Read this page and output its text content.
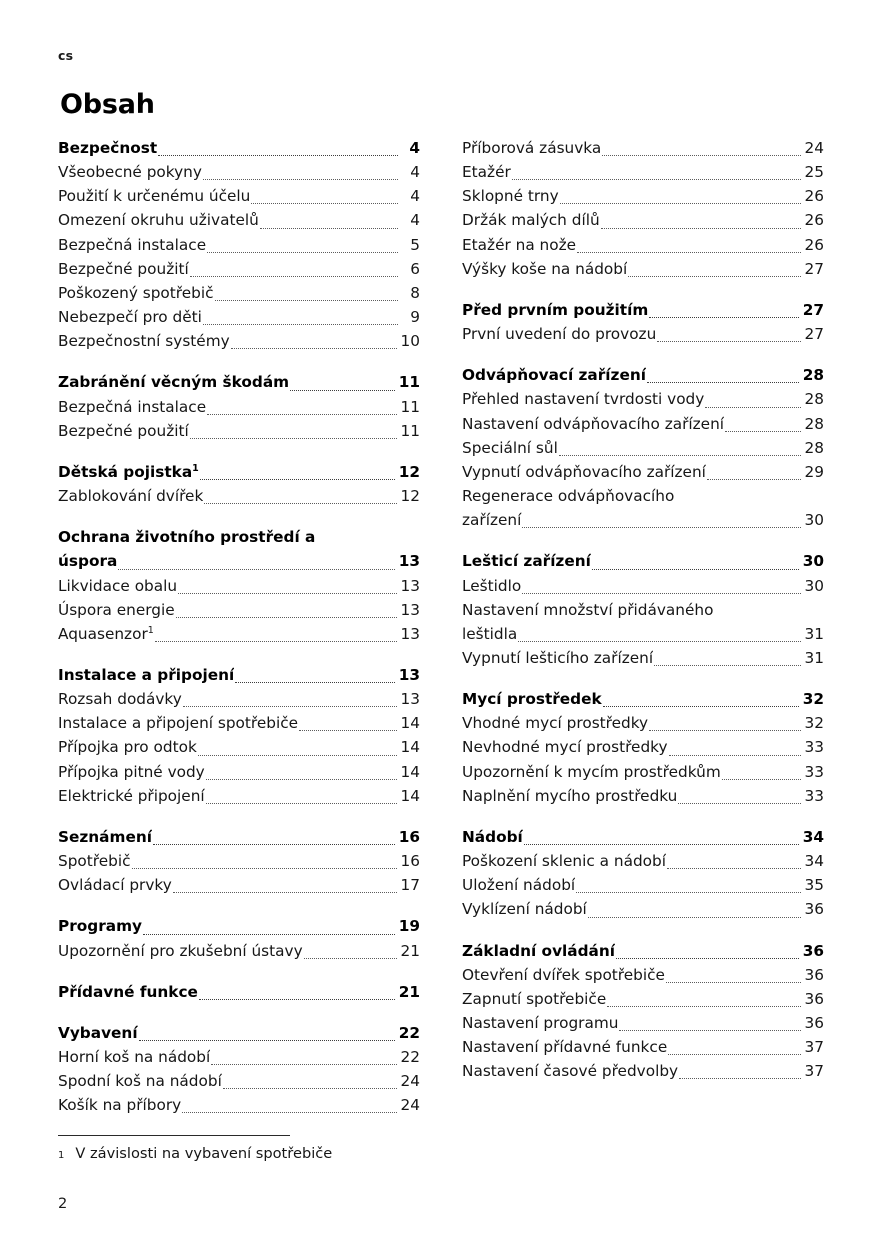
cs
Obsah
Bezpečnost	4
Všeobecné pokyny	4
Použití k určenému účelu	4
Omezení okruhu uživatelů	4
Bezpečná instalace	5
Bezpečné použití	6
Poškozený spotřebič	8
Nebezpečí pro děti	9
Bezpečnostní systémy	10
Zabránění věcným škodám	11
Bezpečná instalace	11
Bezpečné použití	11
Dětská pojistka$^1$	12
Zablokování dvířek	12
Ochrana životního prostředí a
úspora	13
Likvidace obalu	13
Úspora energie	13
Aquasenzor$^1$	13
Instalace a připojení	13
Rozsah dodávky	13
Instalace a připojení spotřebiče	14
Přípojka pro odtok	14
Přípojka pitné vody	14
Elektrické připojení	14
Seznámení	16
Spotřebič	16
Ovládací prvky	17
Programy	19
Upozornění pro zkušební ústavy	21
Přídavné funkce	21
Vybavení	22
Horní koš na nádobí	22
Spodní koš na nádobí	24
Košík na příbory	24
Příborová zásuvka	24
Etažér	25
Sklopné trny	26
Držák malých dílů	26
Etažér na nože	26
Výšky koše na nádobí	27
Před prvním použitím	27
První uvedení do provozu	27
Odvápňovací zařízení	28
Přehled nastavení tvrdosti vody	28
Nastavení odvápňovacího zařízení	28
Speciální sůl	28
Vypnutí odvápňovacího zařízení	29
Regenerace odvápňovacího
zařízení	30
Lešticí zařízení	30
Leštidlo	30
Nastavení množství přidávaného
leštidla	31
Vypnutí lešticího zařízení	31
Mycí prostředek	32
Vhodné mycí prostředky	32
Nevhodné mycí prostředky	33
Upozornění k mycím prostředkům	33
Naplnění mycího prostředku	33
Nádobí	34
Poškození sklenic a nádobí	34
Uložení nádobí	35
Vyklízení nádobí	36
Základní ovládání	36
Otevření dvířek spotřebiče	36
Zapnutí spotřebiče	36
Nastavení programu	36
Nastavení přídavné funkce	37
Nastavení časové předvolby	37
1 V závislosti na vybavení spotřebiče
2
